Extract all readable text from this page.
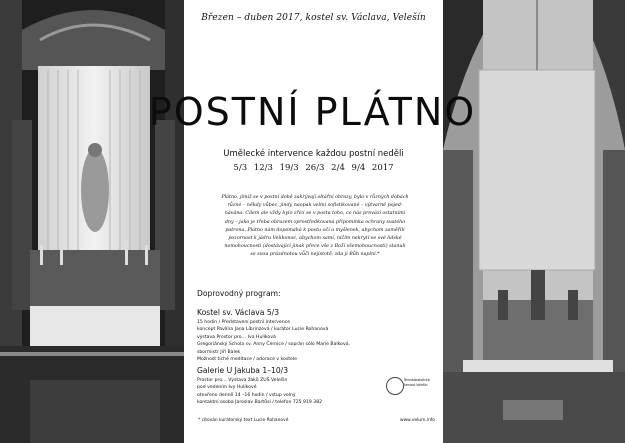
Březen – duben 2017, kostel sv. Václava, Velešín
POSTNÍ PLÁTNO
Umělecké intervence každou postní neděli
5/3 12/3 19/3 26/3 2/4 9/4 2017
Plátno, jimiž se v postní době zakrývají oltářní obrazy, bylo v různých dobách
různé – někdy vůbec, jindy naopak velmi sofistikované – výtvarně pojed-
návána. Cílem ale vždy bylo zříci se v postu toho, co nás provází ostatními
dny – jako je třeba obrazem zprostředkovaná připomínka ochrany svatého
patrona. Plátno nám dopomáhá k postu očí a myšlenek, abychom zaměřili
pozornost k jádru Velikonoc, abychom sami, ničím nekrytí ve své lidské
nemohoucnosti (dostávající jinak přece vše z Boží všemohoucnosti) stanuli
se svou prázdnotou vůči nejistotě, zda ji Bůh naplní.*
Doprovodný program:
Kostel sv. Václava 5/3
15 hodin / Představení postní intervence
koncept Pavlína Jana Librinzová / kurátor Lucie Rohanová
výstava Prostor pro… Iva Hulíková
Gregoriánský Schola sv. Anny Černice / soprán sólo Marie Balková,
sbormistr Jiří Balek
Možnost tiché meditace / adorace v kostele
Galerie U Jakuba 1–10/3
Prostor pro… Výstava žáků ZUŠ Velešín
pod vedením Ivy Hulíkové
otevřeno denně 14 –16 hodin / vstup volný
kontaktní osoba Jaroslav Bartůsí / telefon 725 919 382
Římskokatolická farnost Velešín
* citován kurátorský text Lucie Rohanové	www.velum.info
